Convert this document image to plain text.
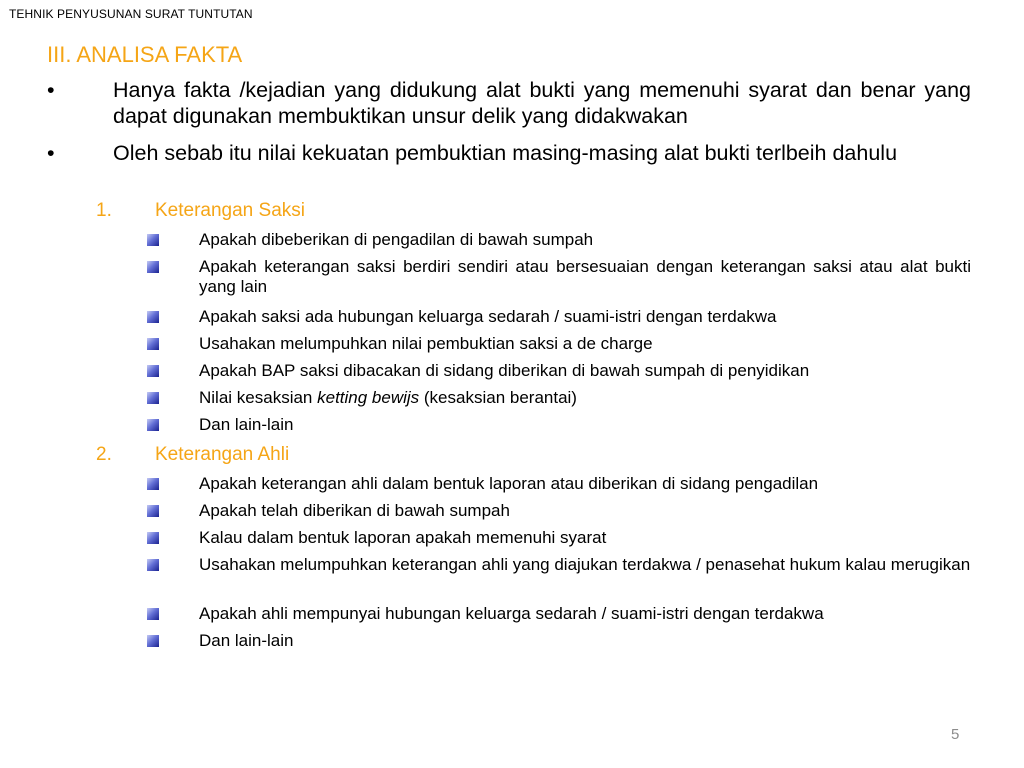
TEHNIK PENYUSUNAN SURAT TUNTUTAN
III. ANALISA FAKTA
•	Hanya fakta /kejadian yang didukung alat bukti yang memenuhi syarat dan benar yang dapat digunakan membuktikan unsur delik yang didakwakan
•	Oleh sebab itu nilai kekuatan pembuktian masing-masing alat bukti terlbeih dahulu
1. Keterangan Saksi
Apakah dibeberikan di pengadilan di bawah sumpah
Apakah keterangan saksi berdiri sendiri atau bersesuaian dengan keterangan saksi atau alat bukti yang lain
Apakah saksi ada hubungan keluarga sedarah / suami-istri dengan terdakwa
Usahakan melumpuhkan nilai pembuktian saksi a de charge
Apakah BAP saksi dibacakan di sidang diberikan di bawah sumpah di penyidikan
Nilai kesaksian ketting bewijs (kesaksian berantai)
Dan lain-lain
2. Keterangan Ahli
Apakah keterangan ahli dalam bentuk laporan atau diberikan di sidang pengadilan
Apakah telah diberikan di bawah sumpah
Kalau dalam bentuk laporan apakah memenuhi syarat
Usahakan melumpuhkan keterangan ahli yang diajukan terdakwa / penasehat hukum kalau merugikan
Apakah ahli mempunyai hubungan keluarga sedarah / suami-istri dengan terdakwa
Dan lain-lain
5
